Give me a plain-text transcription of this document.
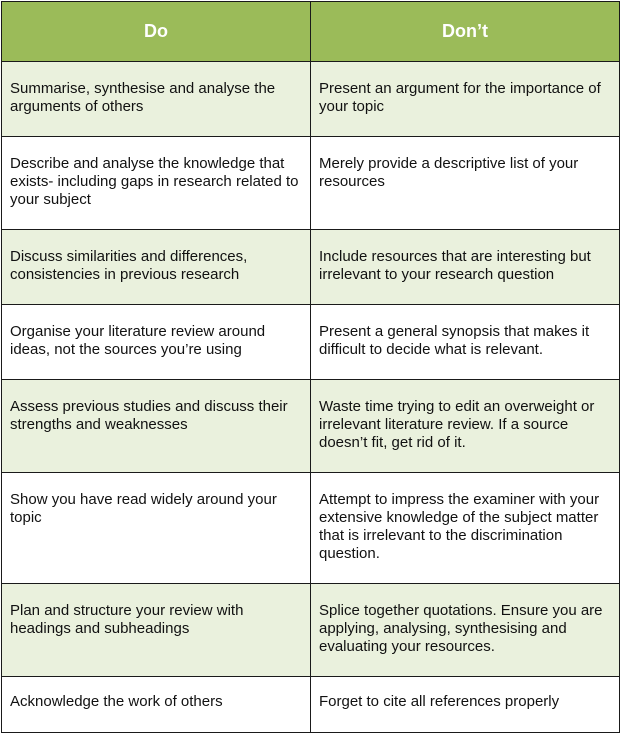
Do	Don’t
Summarise, synthesise and analyse the arguments of others	Present an argument for the importance of your topic
Describe and analyse the knowledge that exists- including gaps in research related to your subject	Merely provide a descriptive list of your resources
Discuss similarities and differences, consistencies in previous research	Include resources that are interesting but irrelevant to your research question
Organise your literature review around ideas, not the sources you’re using	Present a general synopsis that makes it difficult to decide what is relevant.
Assess previous studies and discuss their strengths and weaknesses	Waste time trying to edit an overweight or irrelevant literature review. If a source doesn’t fit, get rid of it.
Show you have read widely around your topic	Attempt to impress the examiner with your extensive knowledge of the subject matter that is irrelevant to the discrimination question.
Plan and structure your review with headings and subheadings	Splice together quotations. Ensure you are applying, analysing, synthesising and evaluating your resources.
Acknowledge the work of others	Forget to cite all references properly
